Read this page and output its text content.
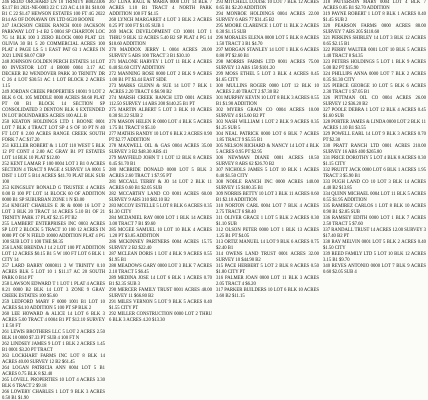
246 REDD ORCHARD LN 10 TRINITY B0023306 $3.17 B1 2021-NE-0003 22 C 123 AC 4.10 B1 $10.00 B1 C 22 $1.47 HEWSON ESTATES 100 FT 4G 2022 B14 AS OF DONAVAN ON LTD 6G20 BOONE

247 JACKSON CREEK RANCH 0010 JACKSON PARKWAY LOT 1-4 B2 5 0004 SP CHARTON LOC 7G 14 BLK 100 3 ZERO BLOCK 0000 PLAT 121 OLIVIA 30 B1 5 20 COMMERCIAL ACRES 100 PLAT 4 PAGE LS 5 1 EAST PAT 63 1 ACRES IN 2021 LINE $0.07 CRP

248 JOHNSON GOLDEN PERCH ESTATES 14 LOT 00 INVESTOR LOT 4 B0000 0004 3.17 AC DECKER B2 WENDOVER PARK 30 TRINITY DR C 26 4 LOT $30.51 AC 1 LOT BLOCK 2 ACRES 1.15

249 JORDAN CREEK PROPERTIES 10001 9 LOT 2 BLK 6 OL 105 MIDDLE 0000 ACRES $0.68 PLAT PT 00 B1 BLOCK 14 SECTION SP CONSOLIDATED 3 DENTON BLK 6 EXTENDED IN LOT BOUNDARIES ACRES 100 ALL B

250 KEATON HOLDINGS LTD 1 BOONE 0001 LOT 7 BLK 4 TRACT LOT SP 4 S OF 10 PT N 40 FT LOT 8 2.00 ACRES RANGE CREEK SOUTH FORK 7 AC $17.20

251 KELLER ROBERT & 1 LOT 110 WEST 5 BLK 12 PT CONT 4 2.00 AC GRAY B1 PT ESTATES LOT 14 BLK 10 PLAT $12.00

252 KENT LAMAR F 100 0004 LOT 3 B1 0 ACRES SECTION 4 TRACT 9 PAGE 4 SURVEY 1A 0001 5 DIST 1 LOT 5 B14 ACRES $41.70 PLAT BLK SUB 100

253 KINGSLEY RONALD G TRUSTEE 4 ACRES 0.00 B 100 PT LOT 14 BLOCK 60 OF ADDITION 0000 B1 SP SUBURBAN ZONE 1 N $3.00

254 KNIGHT CHARLES E JR & 0000 16 LOT 2 LOT 3 BLK 20 TRACT 14 ACRES 5.10 B1 OF 21 TRINITY PARK 17 PLAT $2.15 PT B2

255 LAMBERT ENTERPRISES INC 0003 ACRES SP LOT 2 BLOCK 5 TRACT 10 100 12 ACRES IN 0000 PT OF N FIELD 10000 ADDITION PLAT 4 PG 100 SUB LOT 1 100 THE $8.35

256 LANE BRENDA J 14 2 LOT 100 PT ADDITION LOT 12 ACRES $0.15 B1 5 W 100 FT LOT 6 BLK 1 CITY 14

257 LARD BARRY 0000811 2 W TRINITY 0.10 ACRES BLK 5 LOT 10 1 $11.17 AC 20 SOUTH PARK 0 B14 PT

258 LAWSON EDWARD T 1 LOT 1 PLAT 4 ACRES 8.21 0000 B2 BLK 14 LOT 3 ZONE 9 GRAY CREEK ESTATES 100 $5.60

259 LEDFORD MARY F 0000 1001 B1 LOT 10 ACRES $4.10 ADDITION 5 100 PT SP BLK 2

260 LEE HOWARD & ALICE 14 LOT 6 BLK 3 ACRES 5.00 TRACT 4 0004 B1 PT $12.10 SURVEY 1 E 50 FT

261 LEWIS BROTHERS LLC 5 LOT 2 ACRES 2.50 BLK 10 0000 $7.33 PT SUB 4 100 FT N

262 LINDSEY JAMES 9 LOT 1 BLK 2 ACRES 1.45 B1 0001 $3.20 PT TRACT

263 LOCKHART FARMS INC LOT 8 BLK 14 ACRES 40.00 SURVEY 12 B2 $61.45

264 LOGAN PATRICIA ANN 0004 LOT 5 B1 ACRES 0.75 BLK 8 $2.40

265 LOVELL PROPERTIES 10 LOT 4 ACRES 3.30 BLK 6 TRACT 2 $9.18

266 LOWERY CHARLES 1 LOT 9 BLK 3 ACRES 0.50 B1 $1.90

267 LUNA RAUL & MARIA 0000 LOT 14 BLK 7 ACRES 1.10 B1 TRACT 4 NORTH PARK ADDITION 100 FT $4.15

268 LYNCH MARGARET 4 LOT 3 BLK 2 ACRES 0.25 PT 100 FT $1.05 SUB 1

269 MACK DEVELOPMENT CO 10001 LOT 1 THRU 9 BLK 12 ACRES 5.40 B2 SP PLAT 4 PG 14 $18.60 ADDITION

270 MADDOX JERRY L 0004 ACRES 20.00 SURVEY 5 ABS 100 TRACT 3 B1 $30.10

271 MALONE HARVEY 1 LOT 11 BLK 4 ACRES 0.40 $1.60 CITY ADDITION

272 MANNING ROSE 0000 LOT 2 BLK 9 ACRES 1.00 B1 PT $3.44 EAST SIDE

273 MARKS GLENN & SUE 14 LOT 7 BLK 1 ACRES 2.20 TRACT 6 $6.90 B2

274 MARSH CREEK RANCH LTD 0001 ACRES 112.50 SURVEY 14 ABS 200 $140.25 B1 PT

275 MARTIN ALBERT 5 LOT 3 BLK 10 ACRES 0.30 $1.22 SUB 2

276 MASON HELEN R 0000 LOT 4 BLK 5 ACRES 1.75 B1 TRACT 8 $5.10

277 MATHIS RANDY 10 LOT 6 BLK 2 ACRES 0.90 PT $2.77 ADDITION

278 MAXWELL OIL & GAS 0004 ACRES 35.00 SURVEY 3 B2 $48.30 ABS 41

279 MAYFIELD JOHN T 1 LOT 12 BLK 8 ACRES 0.45 $1.70 B1

280 MCBRIDE DONALD 0000 LOT 5 BLK 3 ACRES 2.60 TRACT 1 $7.95 PT

281 MCCALL TERRY & JO 14 LOT 2 BLK 11 ACRES 0.60 B1 $2.05 SUB

282 MCCARTHY LAND CO 0001 ACRES 60.00 SURVEY 9 ABS 310 $82.10 B2

283 MCCOY ESTELLE 5 LOT 8 BLK 6 ACRES 0.35 $1.30 CITY

284 MCDANIEL RAY 0000 LOT 1 BLK 14 ACRES 3.00 TRACT 7 B1 $9.60

285 MCGEE SAMUEL 10 LOT 10 BLK 4 ACRES 1.20 PT $3.85 ADDITION

286 MCKINNEY PARTNERS 0004 ACRES 15.75 SURVEY 2 B2 $22.40

287 MCLEAN DORIS 1 LOT 4 BLK 9 ACRES 0.55 $1.95 B1

288 MEADOWS GARY 0000 LOT 3 BLK 7 ACRES 2.10 TRACT 5 $6.45

289 MEDINA JOSE 14 LOT 6 BLK 1 ACRES 0.70 B1 $2.35 SUB 3

290 MERCER FAMILY TRUST 0001 ACRES 48.00 SURVEY 11 $66.80 B2

291 MILES VERNON 5 LOT 9 BLK 5 ACRES 0.40 $1.55 CITY PT

292 MILLER CONSTRUCTION 0000 LOT 2 THRU 6 BLK 3 ACRES 4.20 $13.30

293 MITCHELL LOUISE 10 LOT 7 BLK 12 ACRES 0.65 B1 $2.20 ADDITION

294 MONROE HOLDINGS 0004 ACRES 22.00 SURVEY 6 ABS 77 $31.45 B2

295 MOORE CLARENCE 1 LOT 11 BLK 2 ACRES 0.30 $1.15 SUB

296 MORALES ELENA 0000 LOT 5 BLK 8 ACRES 1.50 TRACT 3 B1 $4.70

297 MORGAN STANLEY 14 LOT 1 BLK 6 ACRES 0.80 PT $2.60 B1

298 MORRIS FARMS LTD 0001 ACRES 75.00 SURVEY 13 ABS 150 $101.20

299 MOSS ETHEL 5 LOT 3 BLK 4 ACRES 0.45 $1.65 CITY

300 MULLINS ROGER 0000 LOT 12 BLK 10 ACRES 2.40 TRACT 2 $7.30 B2

301 MURPHY KEVIN 10 LOT 8 BLK 3 ACRES 0.55 B1 $1.90 ADDITION

302 MYERS GRAIN CO 0004 ACRES 10.00 SURVEY 4 $15.60 B2 PT

303 NASH WILLIAM 1 LOT 2 BLK 9 ACRES 0.35 $1.25 SUB 5

304 NEAL PATRICK 0000 LOT 6 BLK 7 ACRES 1.85 TRACT 9 $5.55 B1

305 NELSON RICHARD & NANCY 14 LOT 4 BLK 5 ACRES 0.95 PT $2.95

306 NEWMAN DIANE 0001 ACRES 18.50 SURVEY 8 ABS 62 $26.70 B2

307 NICHOLS JAMES 5 LOT 10 BLK 1 ACRES 0.40 $1.50 CITY

308 NOBLE RANCH INC 0000 ACRES 140.00 SURVEY 15 $180.35 B1

309 NORRIS BETTY 10 LOT 3 BLK 11 ACRES 0.60 B1 $2.10 ADDITION

310 NORTON CARL 0004 LOT 7 BLK 4 ACRES 2.75 TRACT 6 $8.40

311 OLIVER GRACE 1 LOT 5 BLK 2 ACRES 0.30 $1.10 SUB

312 OLSON PETER 0000 LOT 1 BLK 13 ACRES 1.25 B1 PT $4.05

313 ORTIZ MANUEL 14 LOT 9 BLK 6 ACRES 0.75 $2.40 B1

314 OWENS LAND TRUST 0001 ACRES 32.00 SURVEY 10 $44.90 B2

315 PACE HERBERT 5 LOT 2 BLK 8 ACRES 0.50 $1.80 CITY PT

316 PALMER JOAN 0000 LOT 11 BLK 3 ACRES 2.05 TRACT 4 $6.20

317 PARKER BUILDERS 10 LOT 6 BLK 10 ACRES 3.60 B2 $11.15

318 PATTERSON MARY 0004 LOT 4 BLK 7 ACRES 0.85 B1 $2.70 ADDITION

319 PAYNE ROBERT 1 LOT 8 BLK 1 ACRES 0.40 $1.45 SUB 2

320 PEARSON FARMS 0000 ACRES 88.00 SURVEY 7 ABS 205 $118.60

321 PERKINS SHIRLEY 14 LOT 3 BLK 12 ACRES 0.65 $2.15 B1

322 PERRY WALTER 0001 LOT 10 BLK 5 ACRES 1.40 TRACT 8 $4.35

323 PETERS HOLDINGS 5 LOT 1 BLK 9 ACRES 5.00 B2 PT $15.90

324 PHILLIPS ANNA 0000 LOT 7 BLK 2 ACRES 0.35 $1.30 CITY

325 PIERCE GEORGE 10 LOT 5 BLK 6 ACRES 2.30 TRACT 1 $7.05 B1

326 PITTMAN OIL CO 0004 ACRES 26.00 SURVEY 12 $36.20 B2

327 POOLE DEBRA 1 LOT 12 BLK 4 ACRES 0.45 $1.60 SUB

328 PORTER JAMES & LINDA 0000 LOT 2 BLK 11 ACRES 1.10 B1 $3.55

329 POWELL EARL 14 LOT 9 BLK 3 ACRES 0.70 PT $2.30

330 PRATT RANCH LTD 0001 ACRES 210.00 SURVEY 16 ABS 400 $265.80

331 PRICE DOROTHY 5 LOT 4 BLK 8 ACRES 0.30 $1.15 CITY

332 PRUITT JACK 0000 LOT 6 BLK 1 ACRES 1.95 TRACT 3 $5.90 B1

333 PUGH LAND CO 10 LOT 3 BLK 14 ACRES 4.40 B2 $13.85

334 QUINN MICHAEL 0004 LOT 11 BLK 5 ACRES 0.55 $1.95 ADDITION

335 RAMIREZ CARLOS 1 LOT 8 BLK 10 ACRES 0.90 B1 $2.85 SUB

336 RAMSEY EDITH 0000 LOT 1 BLK 7 ACRES 2.50 TRACT 5 $7.60

337 RANDALL TRUST 14 ACRES 12.00 SURVEY 3 $17.40 B2 PT

338 RAY MELVIN 0001 LOT 5 BLK 2 ACRES 0.40 $1.50 CITY

339 REED FAMILY LTD 5 LOT 10 BLK 12 ACRES 3.15 B1 $9.70

340 REYES ANTONIO 0000 LOT 7 BLK 9 ACRES 0.60 $2.05 SUB 4
